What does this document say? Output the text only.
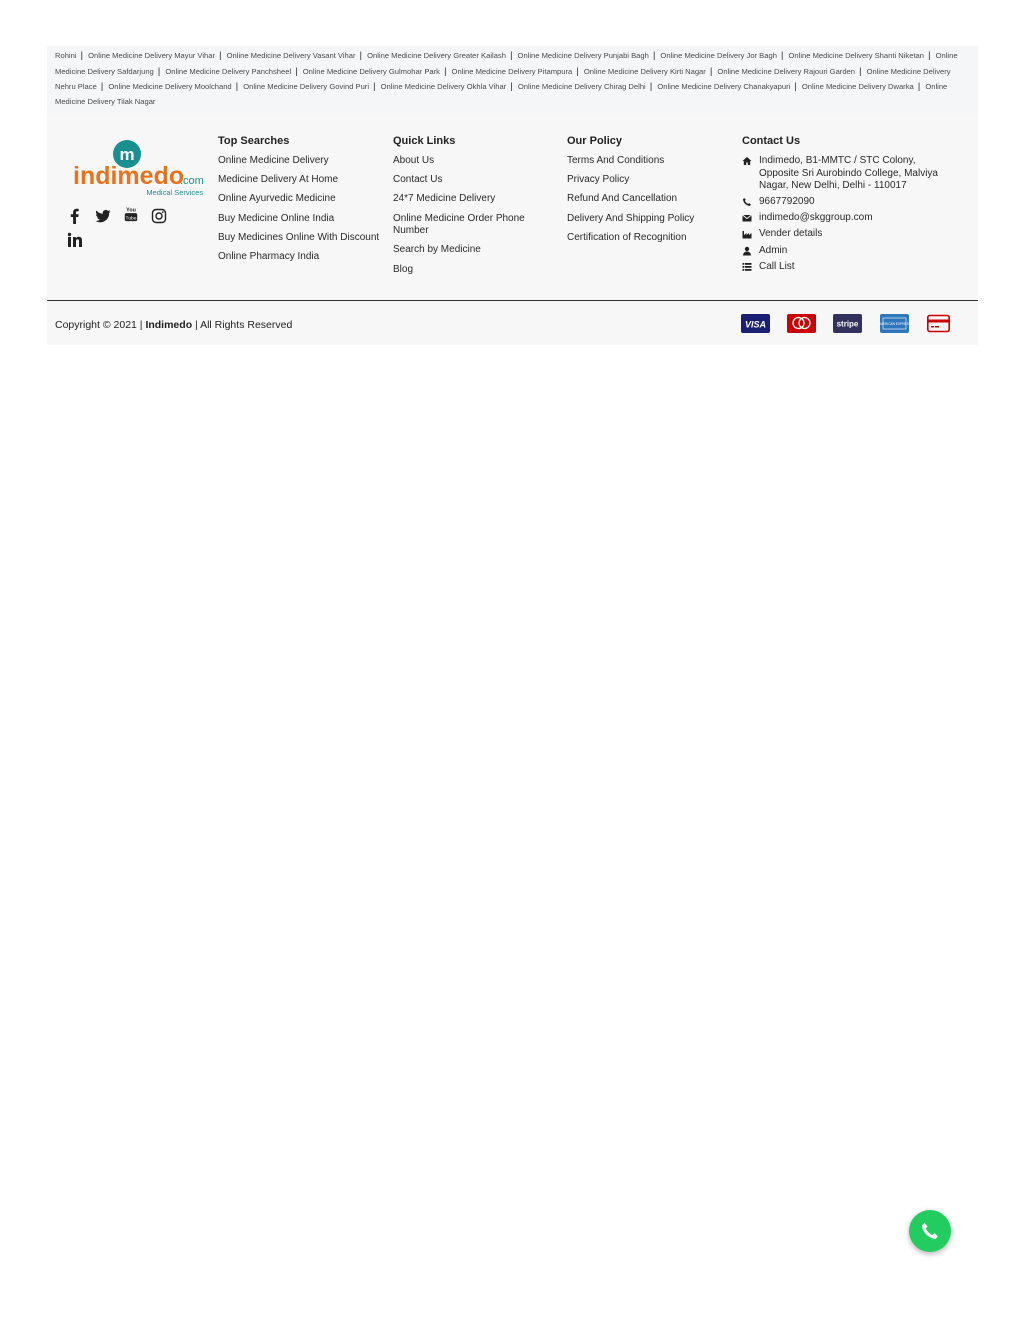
Rohini | Online Medicine Delivery Mayur Vihar | Online Medicine Delivery Vasant Vihar | Online Medicine Delivery Greater Kailash | Online Medicine Delivery Punjabi Bagh | Online Medicine Delivery Jor Bagh | Online Medicine Delivery Shanti Niketan | Online Medicine Delivery Safdarjung | Online Medicine Delivery Panchsheel | Online Medicine Delivery Gulmohar Park | Online Medicine Delivery Pitampura | Online Medicine Delivery Kirti Nagar | Online Medicine Delivery Rajouri Garden | Online Medicine Delivery Nehru Place | Online Medicine Delivery Moolchand | Online Medicine Delivery Govind Puri | Online Medicine Delivery Okhla Vihar | Online Medicine Delivery Chirag Delhi | Online Medicine Delivery Chanakyapuri | Online Medicine Delivery Dwarka | Online Medicine Delivery Tilak Nagar
m
indimedo
.com
Medical Services
You
Tube
Top Searches
Online Medicine Delivery
Medicine Delivery At Home
Online Ayurvedic Medicine
Buy Medicine Online India
Buy Medicines Online With Discount
Online Pharmacy India
Quick Links
About Us
Contact Us
24*7 Medicine Delivery
Online Medicine Order Phone Number
Search by Medicine
Blog
Our Policy
Terms And Conditions
Privacy Policy
Refund And Cancellation
Delivery And Shipping Policy
Certification of Recognition
Contact Us
Indimedo, B1-MMTC / STC Colony, Opposite Sri Aurobindo College, Malviya Nagar, New Delhi, Delhi - 110017
9667792090
indimedo@skggroup.com
Vender details
Admin
Call List
Copyright © 2021 | Indimedo | All Rights Reserved	VISA	stripe	AMERICAN EXPRESS
